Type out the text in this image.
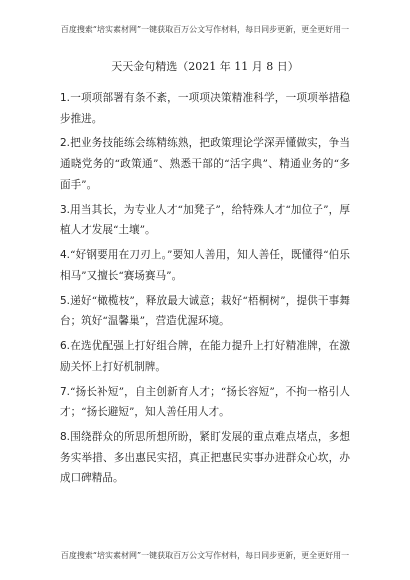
百度搜索“培实素材网”一键获取百万公文写作材料，每日同步更新，更全更好用一
天天金句精选（2021 年 11 月 8 日）

1.一项项部署有条不紊，一项项决策精准科学，一项项举措稳步推进。

2.把业务技能练会练精练熟，把政策理论学深弄懂做实，争当通晓党务的“政策通”、熟悉干部的“活字典”、精通业务的“多面手”。

3.用当其长，为专业人才“加凳子”，给特殊人才“加位子”，厚植人才发展“土壤”。

4.“好钢要用在刀刃上。”要知人善用，知人善任，既懂得“伯乐相马”又擅长“赛场赛马”。

5.递好“橄榄枝”，释放最大诚意；栽好“梧桐树”，提供干事舞台；筑好“温馨巢”，营造优渥环境。

6.在选优配强上打好组合牌，在能力提升上打好精准牌，在激励关怀上打好机制牌。

7.“扬长补短”，自主创新育人才；“扬长容短”，不拘一格引人才；“扬长避短”，知人善任用人才。

8.围绕群众的所思所想所盼，紧盯发展的重点难点堵点，多想务实举措、多出惠民实招，真正把惠民实事办进群众心坎，办成口碑精品。

百度搜索“培实素材网”一键获取百万公文写作材料，每日同步更新，更全更好用一
